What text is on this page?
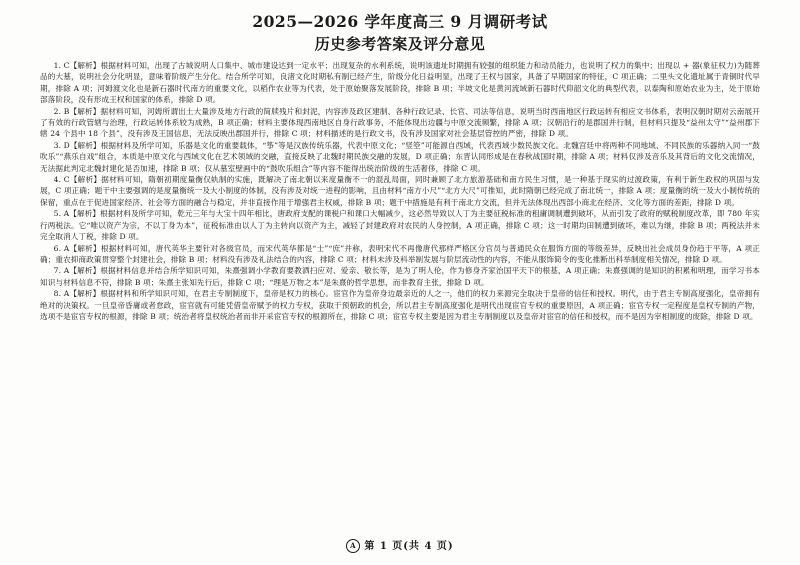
2025—2026 学年度高三 9 月调研考试
历史参考答案及评分意见

1. C【解析】根据材料可知，出现了古城说明人口集中、城市建设达到一定水平；出现复杂的水利系统，说明该遗址时期拥有较强的组织能力和动员能力，也说明了权力的集中；出现以 + 器(象征权力)为随葬品的大墓，说明社会分化明显，意味着阶级产生分化。结合所学可知，良渚文化时期私有制已经产生，阶级分化日益明显，出现了王权与国家，具备了早期国家的特征，C 项正确；二里头文化遗址属于青铜时代早期，排除 A 项；河姆渡文化也是新石器时代南方的重要文化，以稻作农业等为代表，处于原始聚落发展阶段，排除 B 项；半坡文化是黄河流域新石器时代仰韶文化的典型代表，以泰陶和原始农业为主，处于原始部落阶段，没有形成王权和国家的体系，排除 D 项。

2. B【解析】据材料可知，河姆所谓出土大量涉及地方行政的简牍残片和封泥，内容涉及政区建制、各种行政记录、长官、司法等信息，说明当时西南地区行政运转有相应文书体系，表明汉朝时期对云南展开了有效的行政管辖与治理，行政运转体系较为成熟，B 项正确；材料主要体现西南地区自身行政事务，不能体现出边疆与中原交流频繁，排除 A 项；汉朝沿行的是郡国并行制，但材料只提及“益州太守”“益州郡下辖 24 个县中 18 个县”，没有涉及王国信息，无法反映出郡国并行，排除 C 项；材料描述的是行政文书，没有涉及国家对社会基层管控的严密，排除 D 项。

3. D【解析】根据材料及所学可知，乐器是文化的重要载体，“筝”等是汉族传统乐器，代表中原文化；“竖箜”可能源自西域，代表西域少数民族文化。北魏宫廷中将两种不同地域、不同民族的乐器纳入同一“鼓吹乐”“燕乐自戏”组合，本质是中原文化与西域文化在艺术领域的交融，直接反映了北魏时期民族交融的发展，D 项正确；东晋认同形成是在春秋战国时期，排除 A 项；材料仅涉及音乐及其背后的文化交流情况，无法据此判定北魏封建化是否加速，排除 B 项；仅从墓室壁画中的“鼓吹乐组合”等内容不能得出统治阶级的生活奢侈，排除 C 项。

4. C【解析】据材料可知，隋朝初期度量衡仅轨制的实施，既解决了南北朝以来度量衡不一的混乱局面，同时兼顾了北方旅游基础和南方民生习惯，是一种基于现实的过渡政策，有利于新生政权的巩固与发展，C 项正确；题干中主要强调的是度量衡统一及大小制度的体制，没有涉及对统一进程的影响，且由材料“南方小尺”“北方大尺”可推知，此时隋朝已经完成了南北统一，排除 A 项；度量衡的统一及大小制传统的保留，重点在于促进国家经济、社会等方面的融合与稳定，并非直接作用于增强君主权威，排除 B 项；题干中措施是有利于南北方交流，但并无法体现出西部小商北在经济、文化等方面的差距，排除 D 项。

5. A【解析】根据材料及所学可知，乾元三年与大宝十四年相比，唐政府支配的课税户和课口大幅减少，这必然导致以人丁为主要征税标准的租庸调制遭到破坏，从而引发了政府的赋税制度改革，即 780 年实行两税法。它“唯以资产为宗，不以丁身为本”，征税标准由以人丁为主转向以资产为主，减轻了封建政府对农民的人身控制，A 项正确，排除 C 项；这一时期均田制遭到破坏，难以为继，排除 B 项；两税法并未完全取消人丁税，排除 D 项。

6. A【解析】根据材料可知，唐代英华主要针对各级官员，而宋代英华都是“士”“庶”并称，表明宋代不再像唐代那样严格区分官员与普通民众在服饰方面的等级差异，反映出社会成员身份趋于平等，A 项正确；重农抑商政策贯穿整个封建社会，排除 B 项；材料没有涉及礼法结合的内容，排除 C 项；材料未涉及科举制发展与阶层流动性的内容，不能从服饰简令的变化推断出科举制度相关情况，排除 D 项。

7. A【解析】根据材料信息并结合所学知识可知，朱熹强调小学教育要教洒扫应对、爱亲、敬长等，是为了明人伦，作为修身齐家治国平天下的根基，A 项正确；朱熹强调的是知识的积累和明理，而学习书本知识与材料信息不符，排除 B 项；朱熹主张知先行后，排除 C 项；“理是万物之本”是朱熹的哲学思想，而非教育主张，排除 D 项。

8. A【解析】根据材料和所学知识可知，在君主专制制度下，皇帝是权力的核心。宦官作为皇帝身边最亲近的人之一，他们的权力来源完全取决于皇帝的信任和授权。明代，由于君主专制高度强化，皇帝拥有绝对的决策权。一旦皇帝昏庸或者怠政，宦官就有可能凭借皇帝赋予的权力专权，获取干预朝政的机会，所以君主专制高度强化是明代出现宦官专权的重要原因，A 项正确；宦官专权一定程度是皇权专制的产物，选项不是宦官专权的根源，排除 B 项；统治者将皇权统治者而非开采宦官专权的根源所在，排除 C 项；宦官专权主要是因为君主专制制度以及皇帝对宦官的信任和授权，而不是因为宰相制度的废除，排除 D 项。

A 第 1 页(共 4 页)
